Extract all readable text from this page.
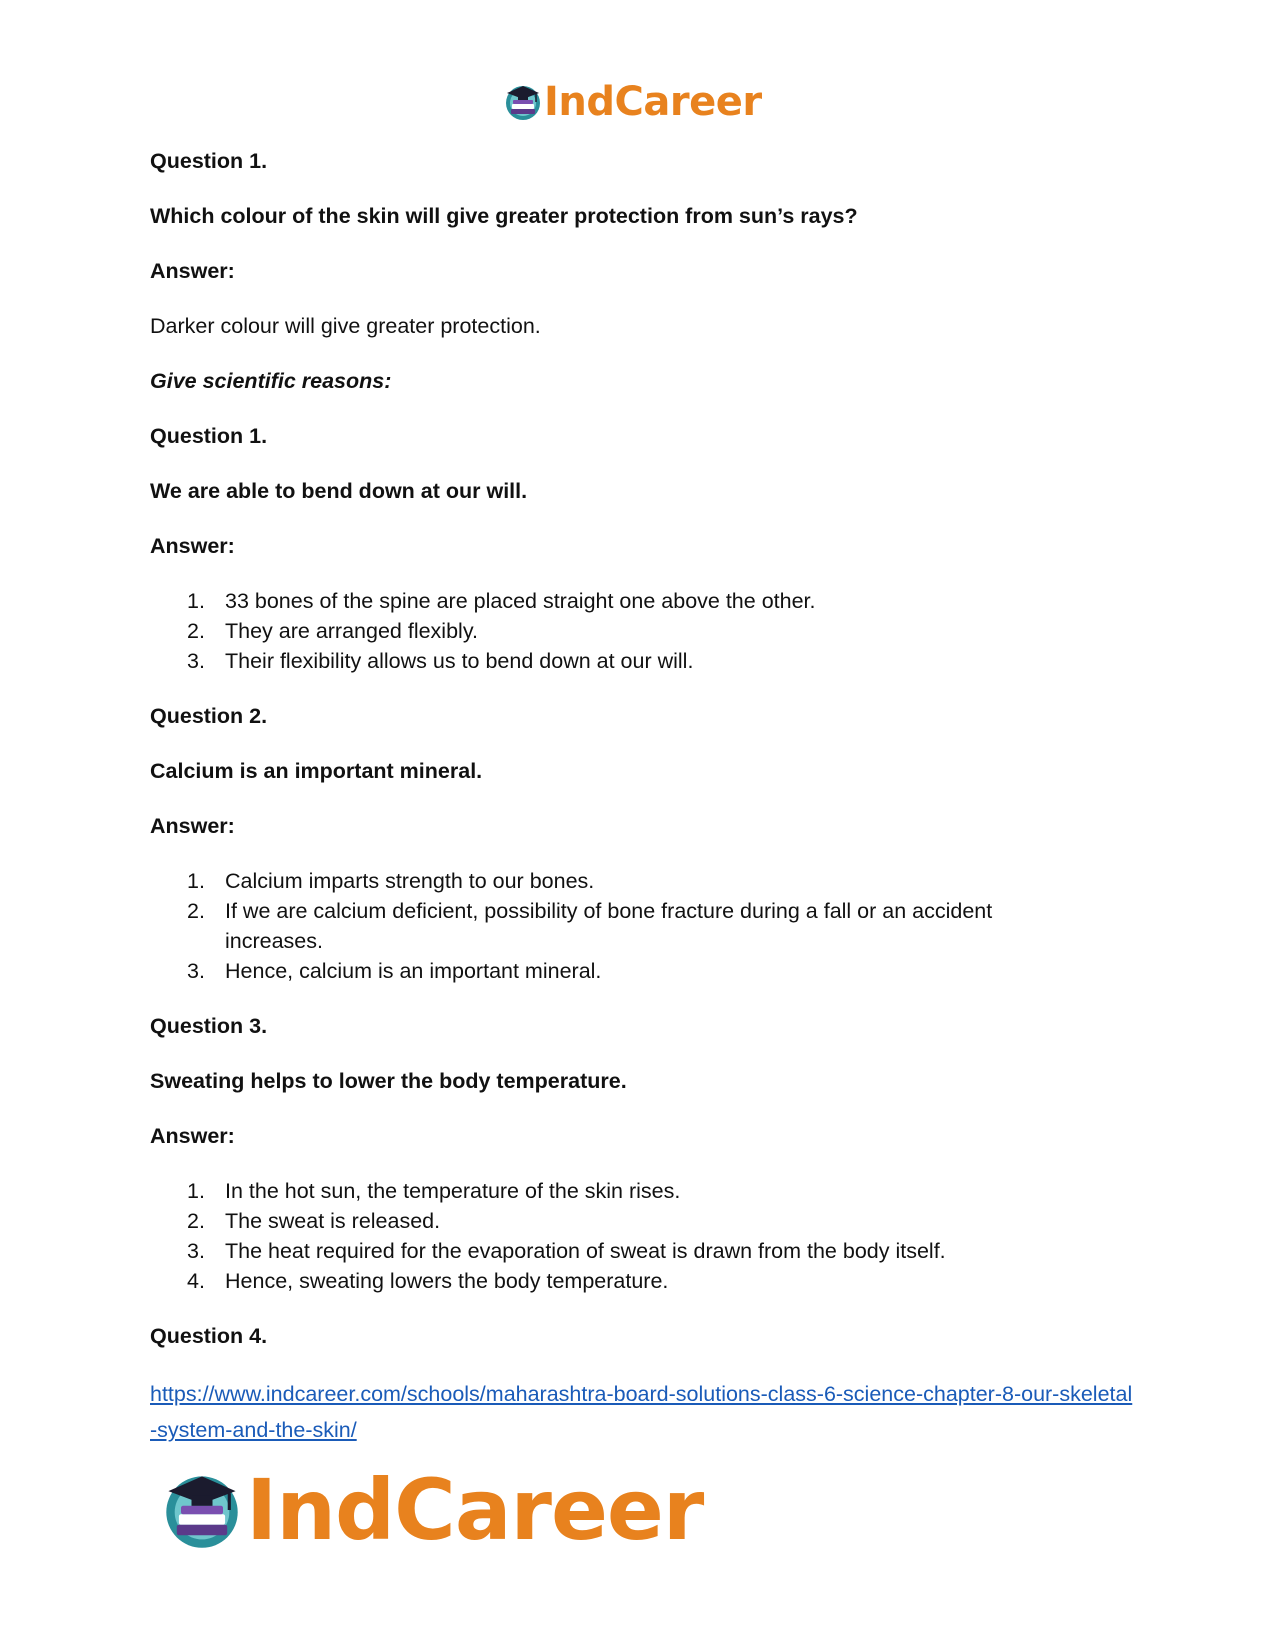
IndCareer
Question 1.
Which colour of the skin will give greater protection from sun’s rays?
Answer:
Darker colour will give greater protection.
Give scientific reasons:
Question 1.
We are able to bend down at our will.
Answer:
1. 33 bones of the spine are placed straight one above the other.
2. They are arranged flexibly.
3. Their flexibility allows us to bend down at our will.
Question 2.
Calcium is an important mineral.
Answer:
1. Calcium imparts strength to our bones.
2. If we are calcium deficient, possibility of bone fracture during a fall or an accident increases.
3. Hence, calcium is an important mineral.
Question 3.
Sweating helps to lower the body temperature.
Answer:
1. In the hot sun, the temperature of the skin rises.
2. The sweat is released.
3. The heat required for the evaporation of sweat is drawn from the body itself.
4. Hence, sweating lowers the body temperature.
Question 4.
https://www.indcareer.com/schools/maharashtra-board-solutions-class-6-science-chapter-8-our-skeletal-system-and-the-skin/
IndCareer
